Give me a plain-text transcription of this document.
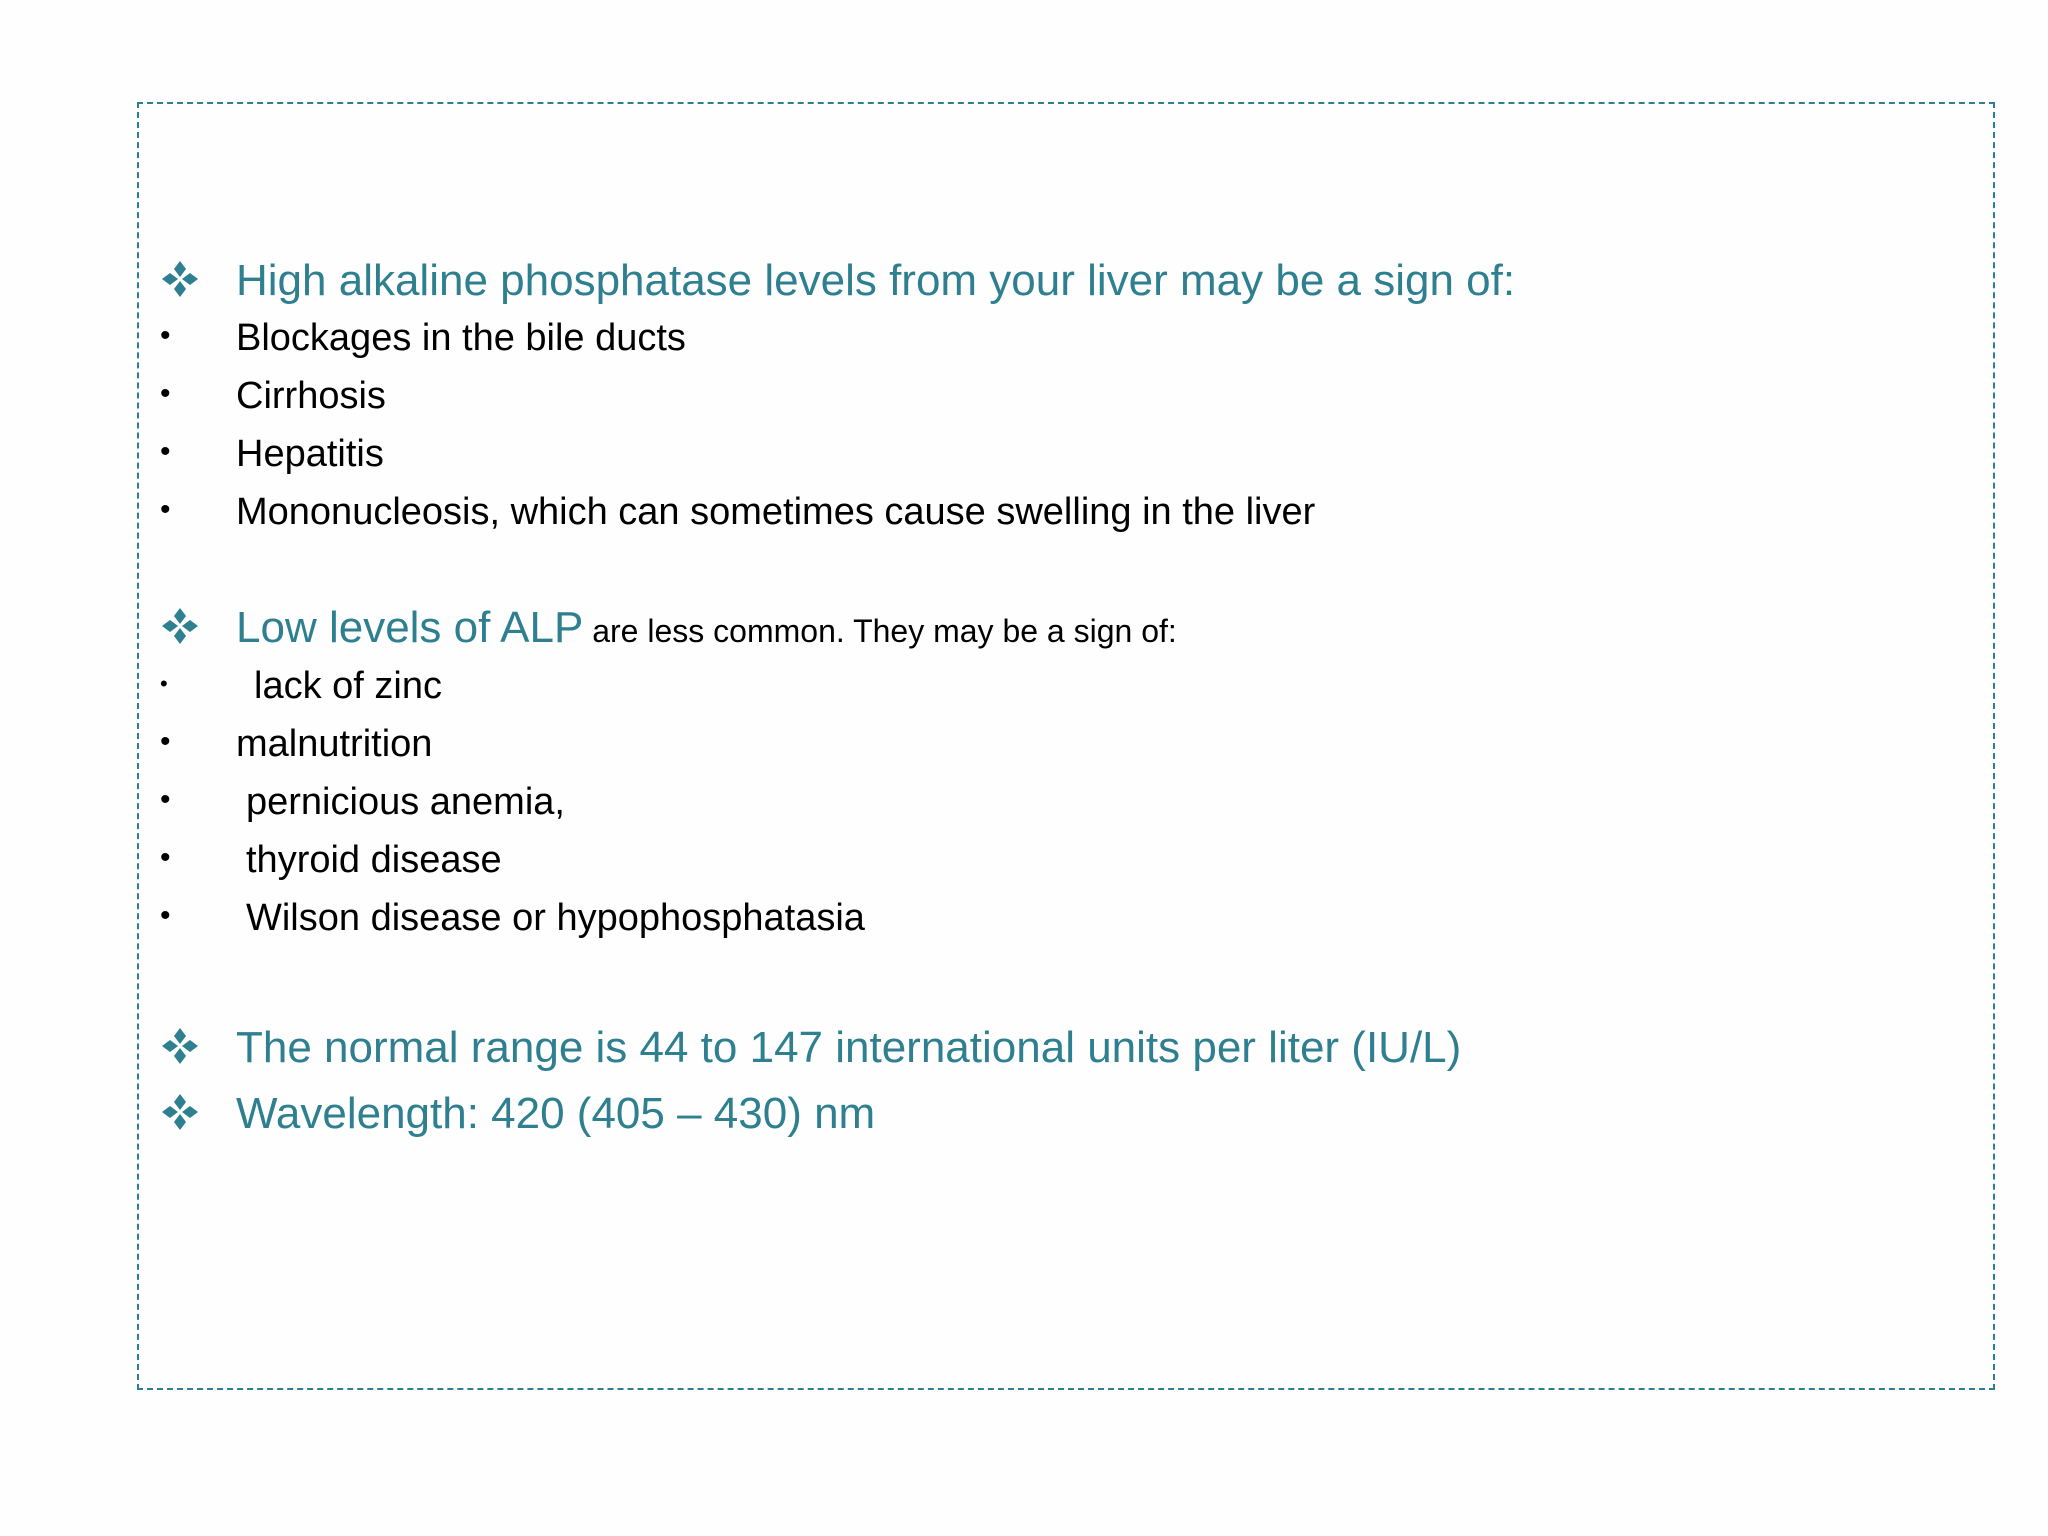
High alkaline phosphatase levels from your liver may be a sign of:
• Blockages in the bile ducts
• Cirrhosis
• Hepatitis
• Mononucleosis, which can sometimes cause swelling in the liver
Low levels of ALP are less common. They may be a sign of:
• lack of zinc
• malnutrition
• pernicious anemia,
• thyroid disease
• Wilson disease or hypophosphatasia
The normal range is 44 to 147 international units per liter (IU/L)
Wavelength: 420 (405 – 430) nm
